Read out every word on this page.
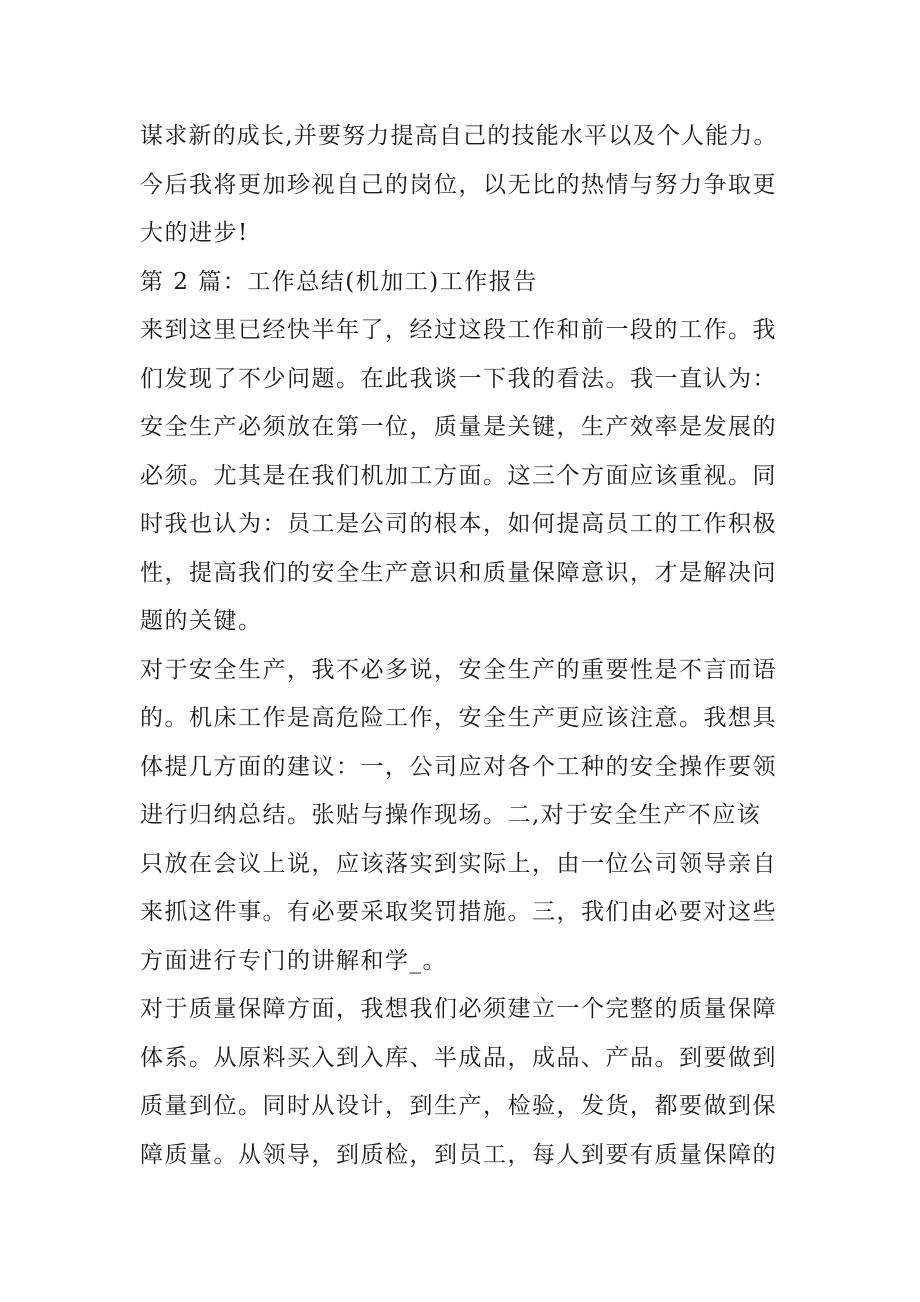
谋求新的成长,并要努力提高自己的技能水平以及个人能力。
今后我将更加珍视自己的岗位，以无比的热情与努力争取更
大的进步!
第 2 篇：工作总结(机加工)工作报告
来到这里已经快半年了，经过这段工作和前一段的工作。我
们发现了不少问题。在此我谈一下我的看法。我一直认为：
安全生产必须放在第一位，质量是关键，生产效率是发展的
必须。尤其是在我们机加工方面。这三个方面应该重视。同
时我也认为：员工是公司的根本，如何提高员工的工作积极
性，提高我们的安全生产意识和质量保障意识，才是解决问
题的关键。
对于安全生产，我不必多说，安全生产的重要性是不言而语
的。机床工作是高危险工作，安全生产更应该注意。我想具
体提几方面的建议：一，公司应对各个工种的安全操作要领
进行归纳总结。张贴与操作现场。二,对于安全生产不应该
只放在会议上说，应该落实到实际上，由一位公司领导亲自
来抓这件事。有必要采取奖罚措施。三，我们由必要对这些
方面进行专门的讲解和学_。
对于质量保障方面，我想我们必须建立一个完整的质量保障
体系。从原料买入到入库、半成品，成品、产品。到要做到
质量到位。同时从设计，到生产，检验，发货，都要做到保
障质量。从领导，到质检，到员工，每人到要有质量保障的
